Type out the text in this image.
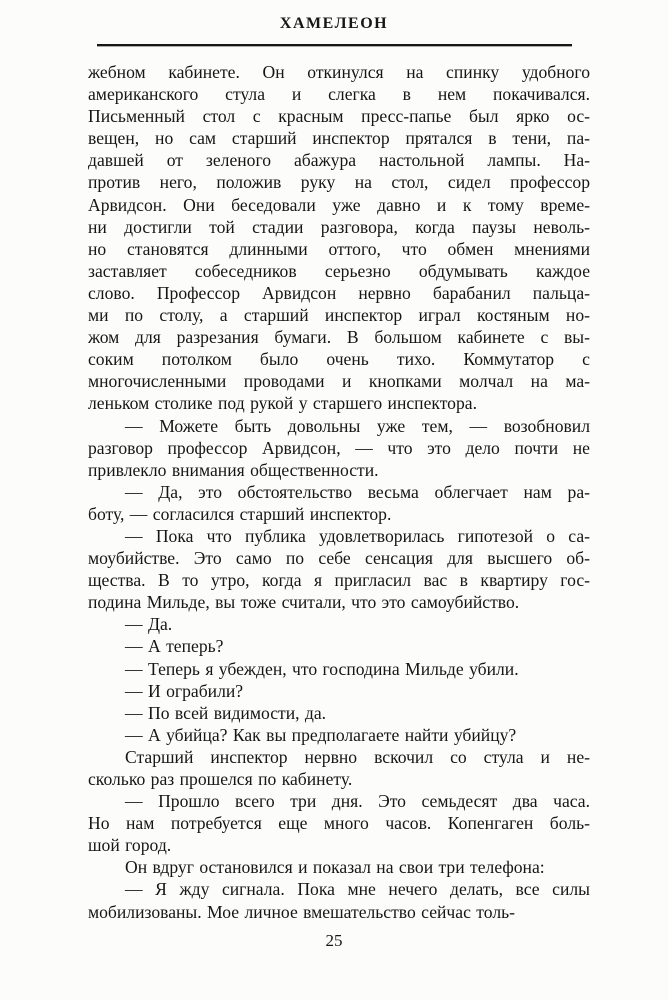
ХАМЕЛЕОН
жебном кабинете. Он откинулся на спинку удобного
американского стула и слегка в нем покачивался.
Письменный стол с красным пресс-папье был ярко ос-
вещен, но сам старший инспектор прятался в тени, па-
давшей от зеленого абажура настольной лампы. На-
против него, положив руку на стол, сидел профессор
Арвидсон. Они беседовали уже давно и к тому време-
ни достигли той стадии разговора, когда паузы неволь-
но становятся длинными оттого, что обмен мнениями
заставляет собеседников серьезно обдумывать каждое
слово. Профессор Арвидсон нервно барабанил пальца-
ми по столу, а старший инспектор играл костяным но-
жом для разрезания бумаги. В большом кабинете с вы-
соким потолком было очень тихо. Коммутатор с
многочисленными проводами и кнопками молчал на ма-
леньком столике под рукой у старшего инспектора.
— Можете быть довольны уже тем, — возобновил
разговор профессор Арвидсон, — что это дело почти не
привлекло внимания общественности.
— Да, это обстоятельство весьма облегчает нам ра-
боту, — согласился старший инспектор.
— Пока что публика удовлетворилась гипотезой о са-
моубийстве. Это само по себе сенсация для высшего об-
щества. В то утро, когда я пригласил вас в квартиру гос-
подина Мильде, вы тоже считали, что это самоубийство.
— Да.
— А теперь?
— Теперь я убежден, что господина Мильде убили.
— И ограбили?
— По всей видимости, да.
— А убийца? Как вы предполагаете найти убийцу?
Старший инспектор нервно вскочил со стула и не-
сколько раз прошелся по кабинету.
— Прошло всего три дня. Это семьдесят два часа.
Но нам потребуется еще много часов. Копенгаген боль-
шой город.
Он вдруг остановился и показал на свои три телефона:
— Я жду сигнала. Пока мне нечего делать, все силы
мобилизованы. Мое личное вмешательство сейчас толь-
25
